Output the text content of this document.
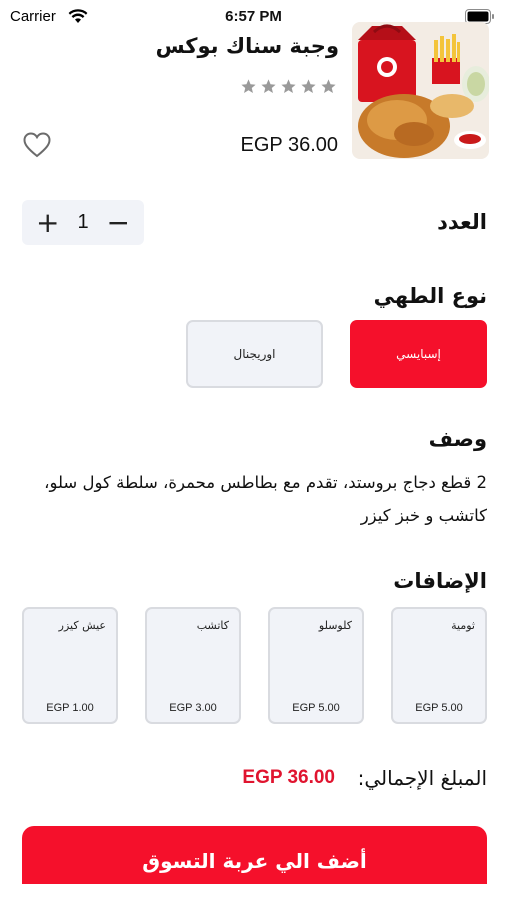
Carrier	6:57 PM
وجبة سناك بوكس
EGP 36.00
العدد
+ 1 −
نوع الطهي
إسبايسي
اوريجنال
وصف
2 قطع دجاج بروستد، تقدم مع بطاطس محمرة، سلطة كول سلو، كاتشب و خبز كيزر
الإضافات
ثومية
EGP 5.00
كلوسلو
EGP 5.00
كاتشب
EGP 3.00
عيش كيزر
EGP 1.00
المبلغ الإجمالي:
EGP 36.00
أضف الي عربة التسوق
